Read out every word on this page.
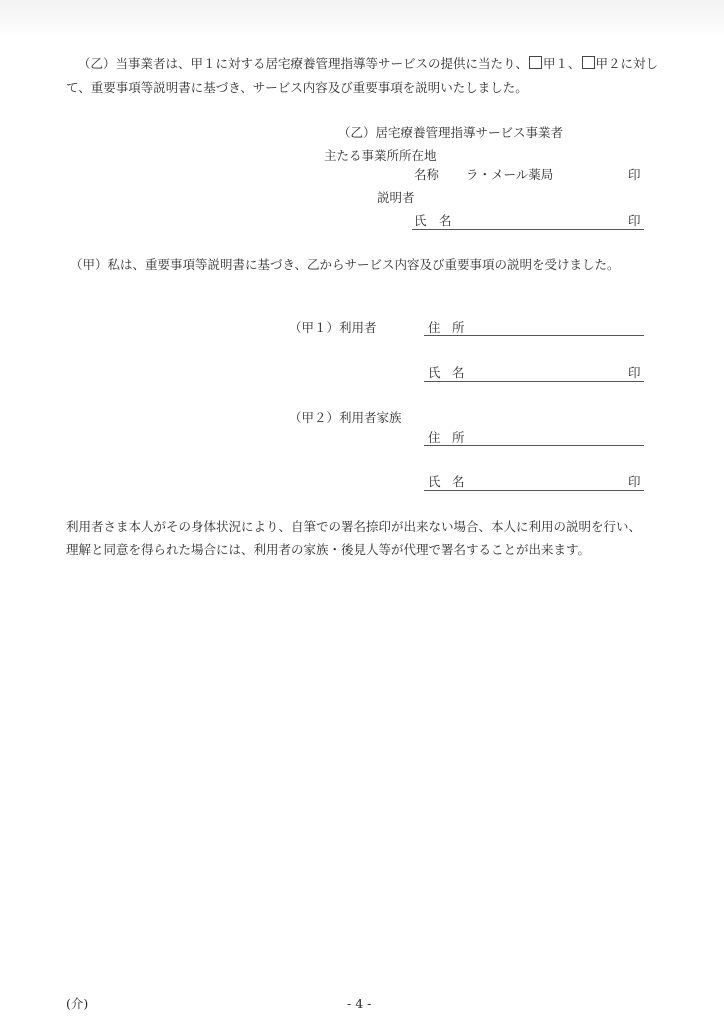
（乙）当事業者は、甲１に対する居宅療養管理指導等サービスの提供に当たり、 甲１、 甲２に対し
て、重要事項等説明書に基づき、サービス内容及び重要事項を説明いたしました。
（乙）居宅療養管理指導サービス事業者
主たる事業所所在地
名称 ラ・メール薬局	印
説明者
氏 名	印
（甲）私は、重要事項等説明書に基づき、乙からサービス内容及び重要事項の説明を受けました。
（甲１）利用者	住 所
氏 名	印
（甲２）利用者家族
住 所
氏 名	印
利用者さま本人がその身体状況により、自筆での署名捺印が出来ない場合、本人に利用の説明を行い、
理解と同意を得られた場合には、利用者の家族・後見人等が代理で署名することが出来ます。
(介)	- 4 -
